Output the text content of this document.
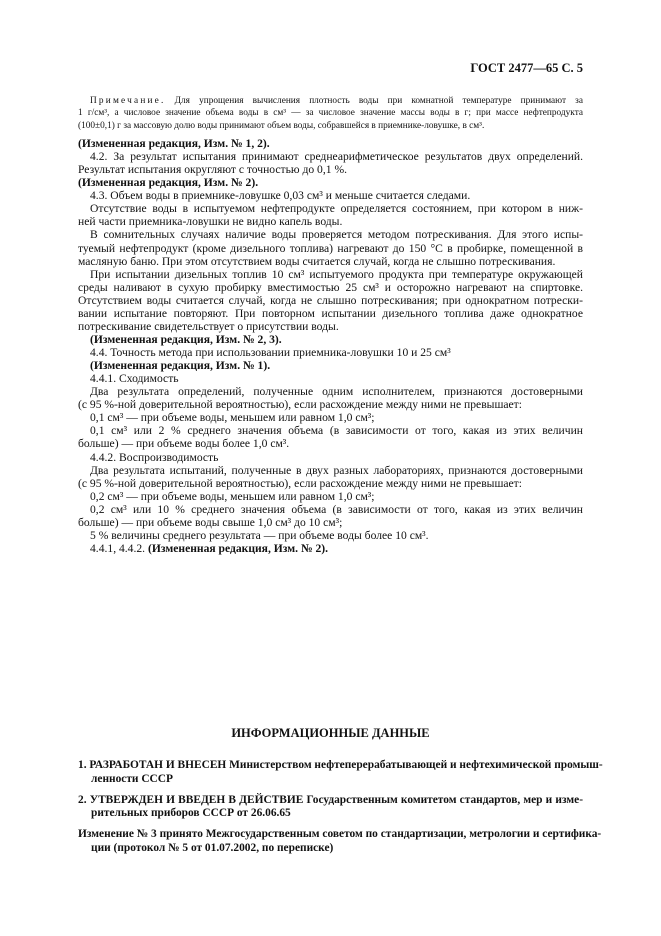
ГОСТ 2477—65 С. 5
Примечание. Для упрощения вычисления плотность воды при комнатной температуре принимают за
1 г/см³, а числовое значение объема воды в см³ — за числовое значение массы воды в г; при массе нефтепродукта
(100±0,1) г за массовую долю воды принимают объем воды, собравшейся в приемнике-ловушке, в см³.
(Измененная редакция, Изм. № 1, 2).
4.2. За результат испытания принимают среднеарифметическое результатов двух определений.
Результат испытания округляют с точностью до 0,1 %.
(Измененная редакция, Изм. № 2).
4.3. Объем воды в приемнике-ловушке 0,03 см³ и меньше считается следами.
Отсутствие воды в испытуемом нефтепродукте определяется состоянием, при котором в ниж-
ней части приемника-ловушки не видно капель воды.
В сомнительных случаях наличие воды проверяется методом потрескивания. Для этого испы-
туемый нефтепродукт (кроме дизельного топлива) нагревают до 150 °С в пробирке, помещенной в
масляную баню. При этом отсутствием воды считается случай, когда не слышно потрескивания.
При испытании дизельных топлив 10 см³ испытуемого продукта при температуре окружающей
среды наливают в сухую пробирку вместимостью 25 см³ и осторожно нагревают на спиртовке.
Отсутствием воды считается случай, когда не слышно потрескивания; при однократном потрески-
вании испытание повторяют. При повторном испытании дизельного топлива даже однократное
потрескивание свидетельствует о присутствии воды.
(Измененная редакция, Изм. № 2, 3).
4.4. Точность метода при использовании приемника-ловушки 10 и 25 см³
(Измененная редакция, Изм. № 1).
4.4.1. Сходимость
Два результата определений, полученные одним исполнителем, признаются достоверными
(с 95 %-ной доверительной вероятностью), если расхождение между ними не превышает:
0,1 см³ — при объеме воды, меньшем или равном 1,0 см³;
0,1 см³ или 2 % среднего значения объема (в зависимости от того, какая из этих величин
больше) — при объеме воды более 1,0 см³.
4.4.2. Воспроизводимость
Два результата испытаний, полученные в двух разных лабораториях, признаются достоверными
(с 95 %-ной доверительной вероятностью), если расхождение между ними не превышает:
0,2 см³ — при объеме воды, меньшем или равном 1,0 см³;
0,2 см³ или 10 % среднего значения объема (в зависимости от того, какая из этих величин
больше) — при объеме воды свыше 1,0 см³ до 10 см³;
5 % величины среднего результата — при объеме воды более 10 см³.
4.4.1, 4.4.2. (Измененная редакция, Изм. № 2).
ИНФОРМАЦИОННЫЕ ДАННЫЕ
1. РАЗРАБОТАН И ВНЕСЕН Министерством нефтеперерабатывающей и нефтехимической промыш-
ленности СССР
2. УТВЕРЖДЕН И ВВЕДЕН В ДЕЙСТВИЕ Государственным комитетом стандартов, мер и изме-
рительных приборов СССР от 26.06.65
Изменение № 3 принято Межгосударственным советом по стандартизации, метрологии и сертифика-
ции (протокол № 5 от 01.07.2002, по переписке)
